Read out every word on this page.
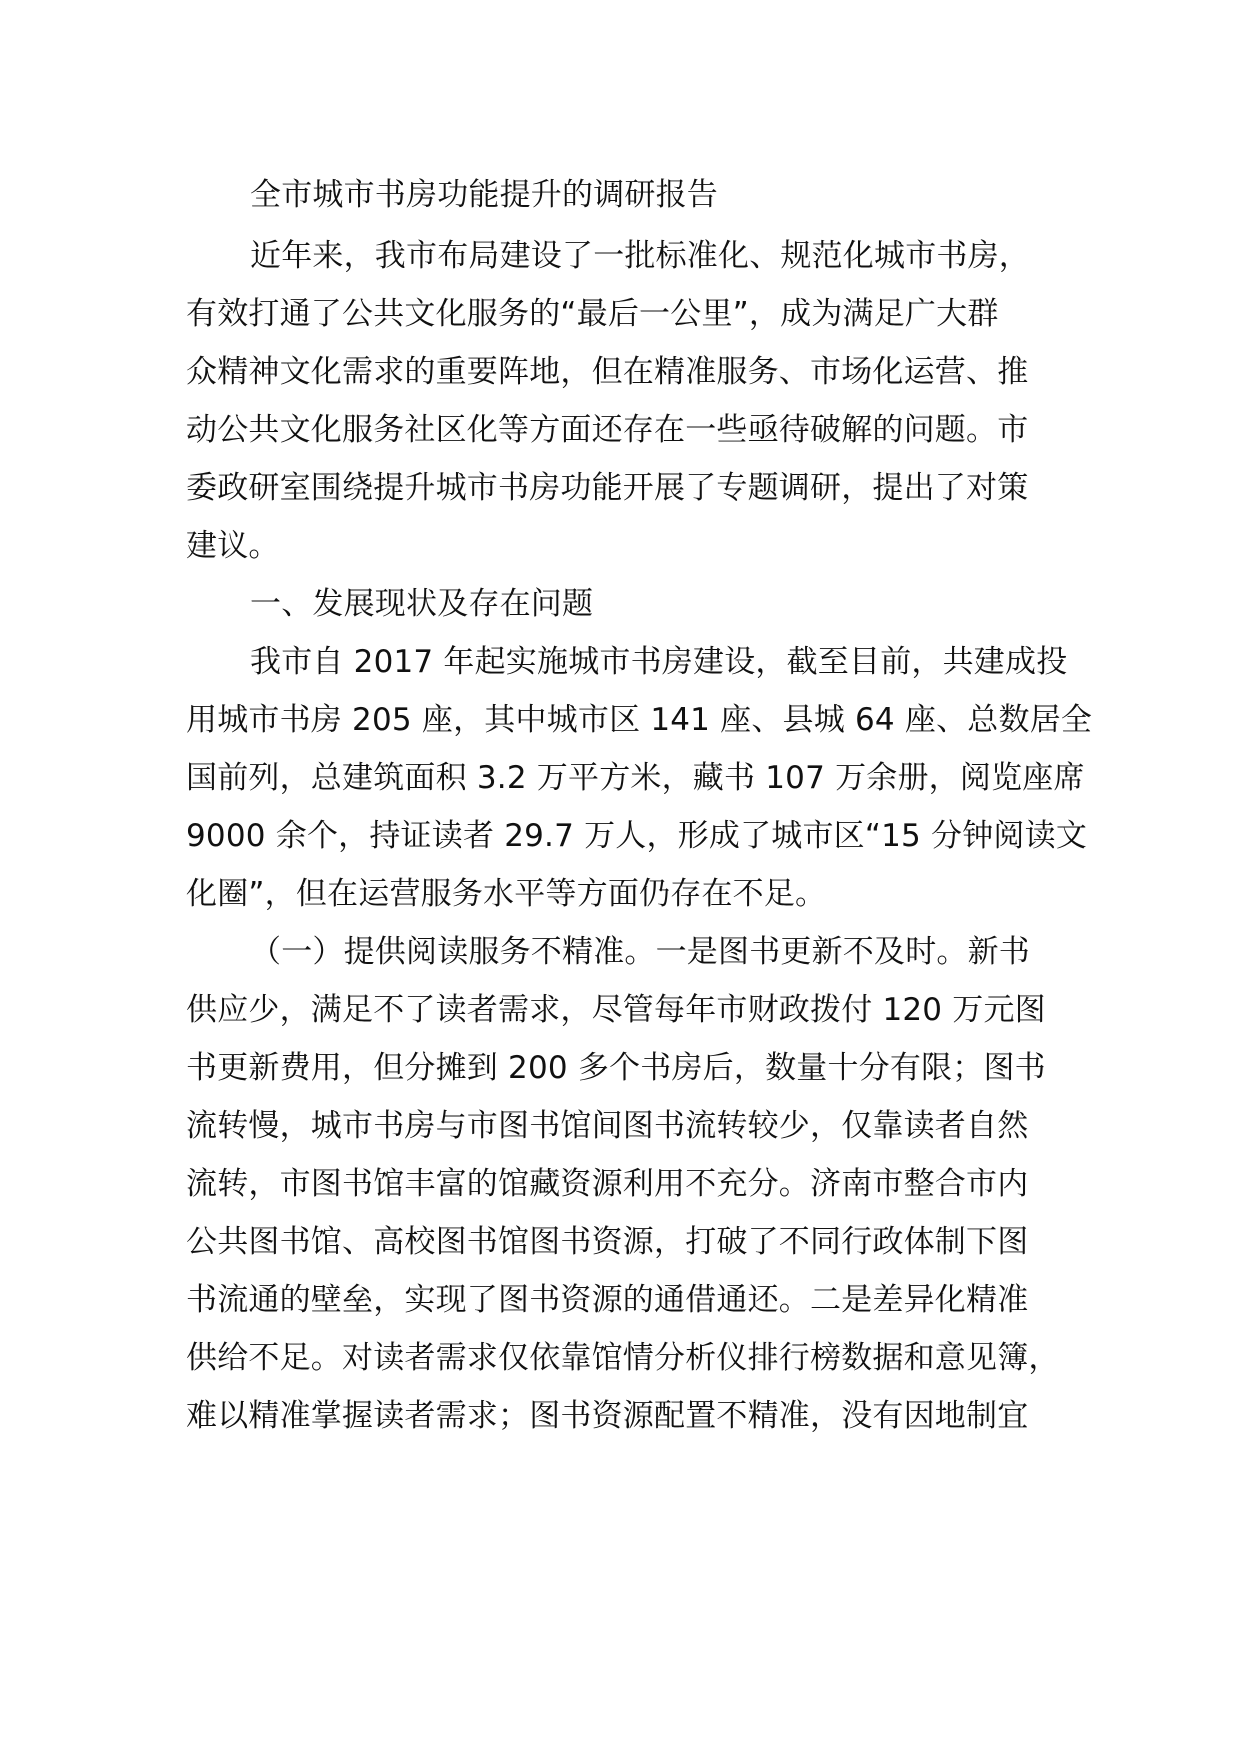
全市城市书房功能提升的调研报告
近年来，我市布局建设了一批标准化、规范化城市书房，
有效打通了公共文化服务的“最后一公里”，成为满足广大群
众精神文化需求的重要阵地，但在精准服务、市场化运营、推
动公共文化服务社区化等方面还存在一些亟待破解的问题。市
委政研室围绕提升城市书房功能开展了专题调研，提出了对策
建议。
一、发展现状及存在问题
我市自 2017 年起实施城市书房建设，截至目前，共建成投
用城市书房 205 座，其中城市区 141 座、县城 64 座、总数居全
国前列，总建筑面积 3.2 万平方米，藏书 107 万余册，阅览座席
9000 余个，持证读者 29.7 万人，形成了城市区“15 分钟阅读文
化圈”，但在运营服务水平等方面仍存在不足。
（一）提供阅读服务不精准。一是图书更新不及时。新书
供应少，满足不了读者需求，尽管每年市财政拨付 120 万元图
书更新费用，但分摊到 200 多个书房后，数量十分有限；图书
流转慢，城市书房与市图书馆间图书流转较少，仅靠读者自然
流转，市图书馆丰富的馆藏资源利用不充分。济南市整合市内
公共图书馆、高校图书馆图书资源，打破了不同行政体制下图
书流通的壁垒，实现了图书资源的通借通还。二是差异化精准
供给不足。对读者需求仅依靠馆情分析仪排行榜数据和意见簿，
难以精准掌握读者需求；图书资源配置不精准，没有因地制宜
